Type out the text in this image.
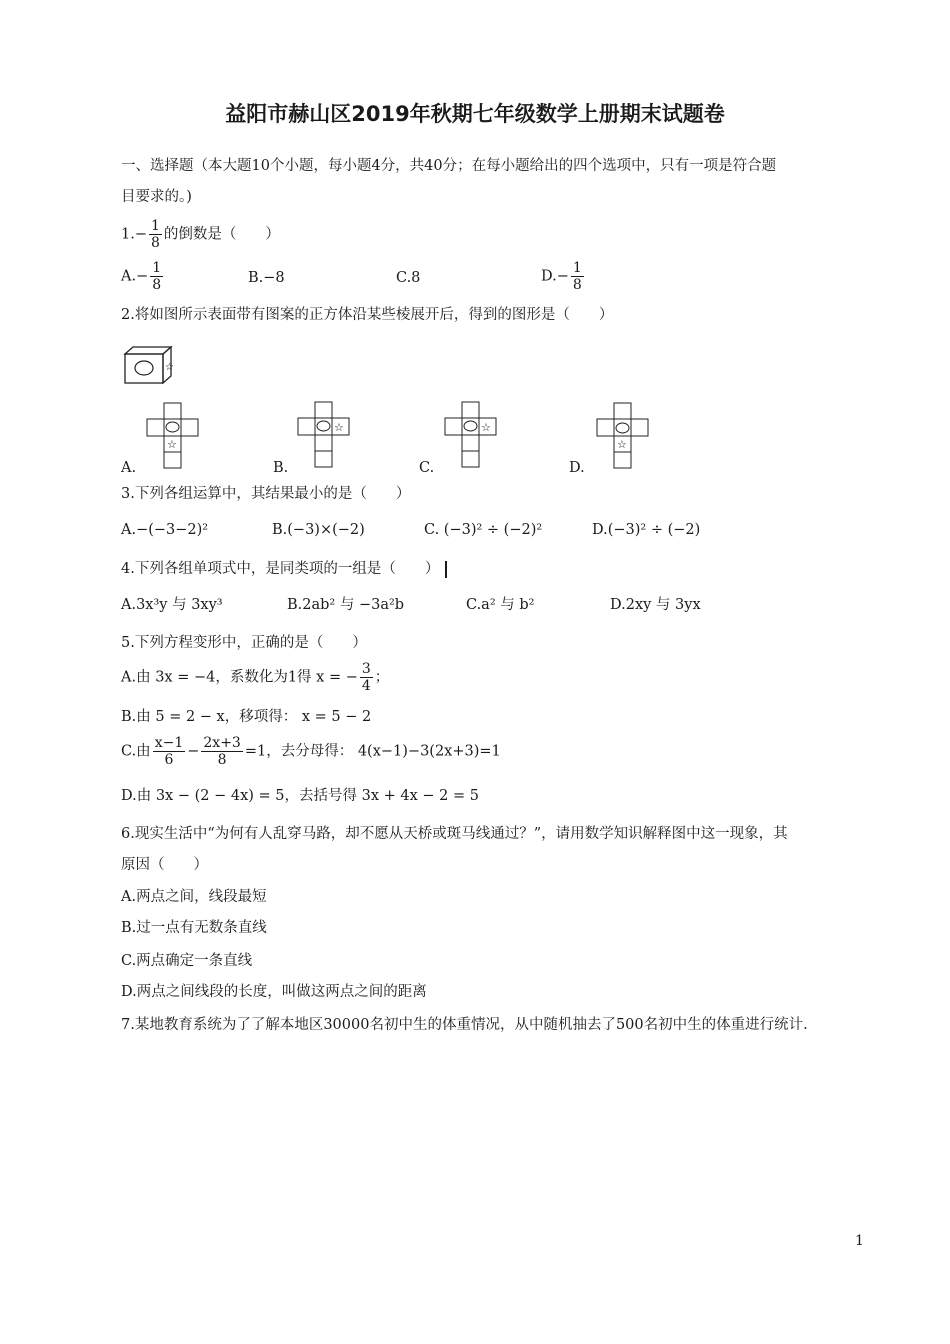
益阳市赫山区2019年秋期七年级数学上册期末试题卷
一、选择题（本大题10个小题，每小题4分，共40分；在每小题给出的四个选项中，只有一项是符合题
目要求的。)
$1.- \frac{1}{8}$ 的倒数是（　　）
$A.- \frac{1}{8}$	B.−8	C.8	$D.- \frac{1}{8}$
2.将如图所示表面带有图案的正方体沿某些棱展开后，得到的图形是（　　）
☆
☆
A.
☆
B.
☆
C.
☆
D.
3.下列各组运算中，其结果最小的是（　　）
A.−(−3−2)²	B.(−3)×(−2)	C. (−3)² ÷ (−2)²	D.(−3)² ÷ (−2)
4.下列各组单项式中，是同类项的一组是（　　）
A.3x³y 与 3xy³	B.2ab² 与 −3a²b	C.a² 与 b²	D.2xy 与 3yx
5.下列方程变形中，正确的是（　　）
A.由 3x = −4，系数化为1得 x = − $\frac{3}{4}$ ；
B.由 5 = 2 − x，移项得： x = 5 − 2
C.由 $\frac{x-1}{6} - \frac{2x+3}{8} =1$，去分母得： 4(x−1)−3(2x+3)=1
D.由 3x − (2 − 4x) = 5，去括号得 3x + 4x − 2 = 5
6.现实生活中“为何有人乱穿马路，却不愿从天桥或斑马线通过？”，请用数学知识解释图中这一现象，其
原因（　　）
A.两点之间，线段最短
B.过一点有无数条直线
C.两点确定一条直线
D.两点之间线段的长度，叫做这两点之间的距离
7.某地教育系统为了了解本地区30000名初中生的体重情况，从中随机抽去了500名初中生的体重进行统计.
1
